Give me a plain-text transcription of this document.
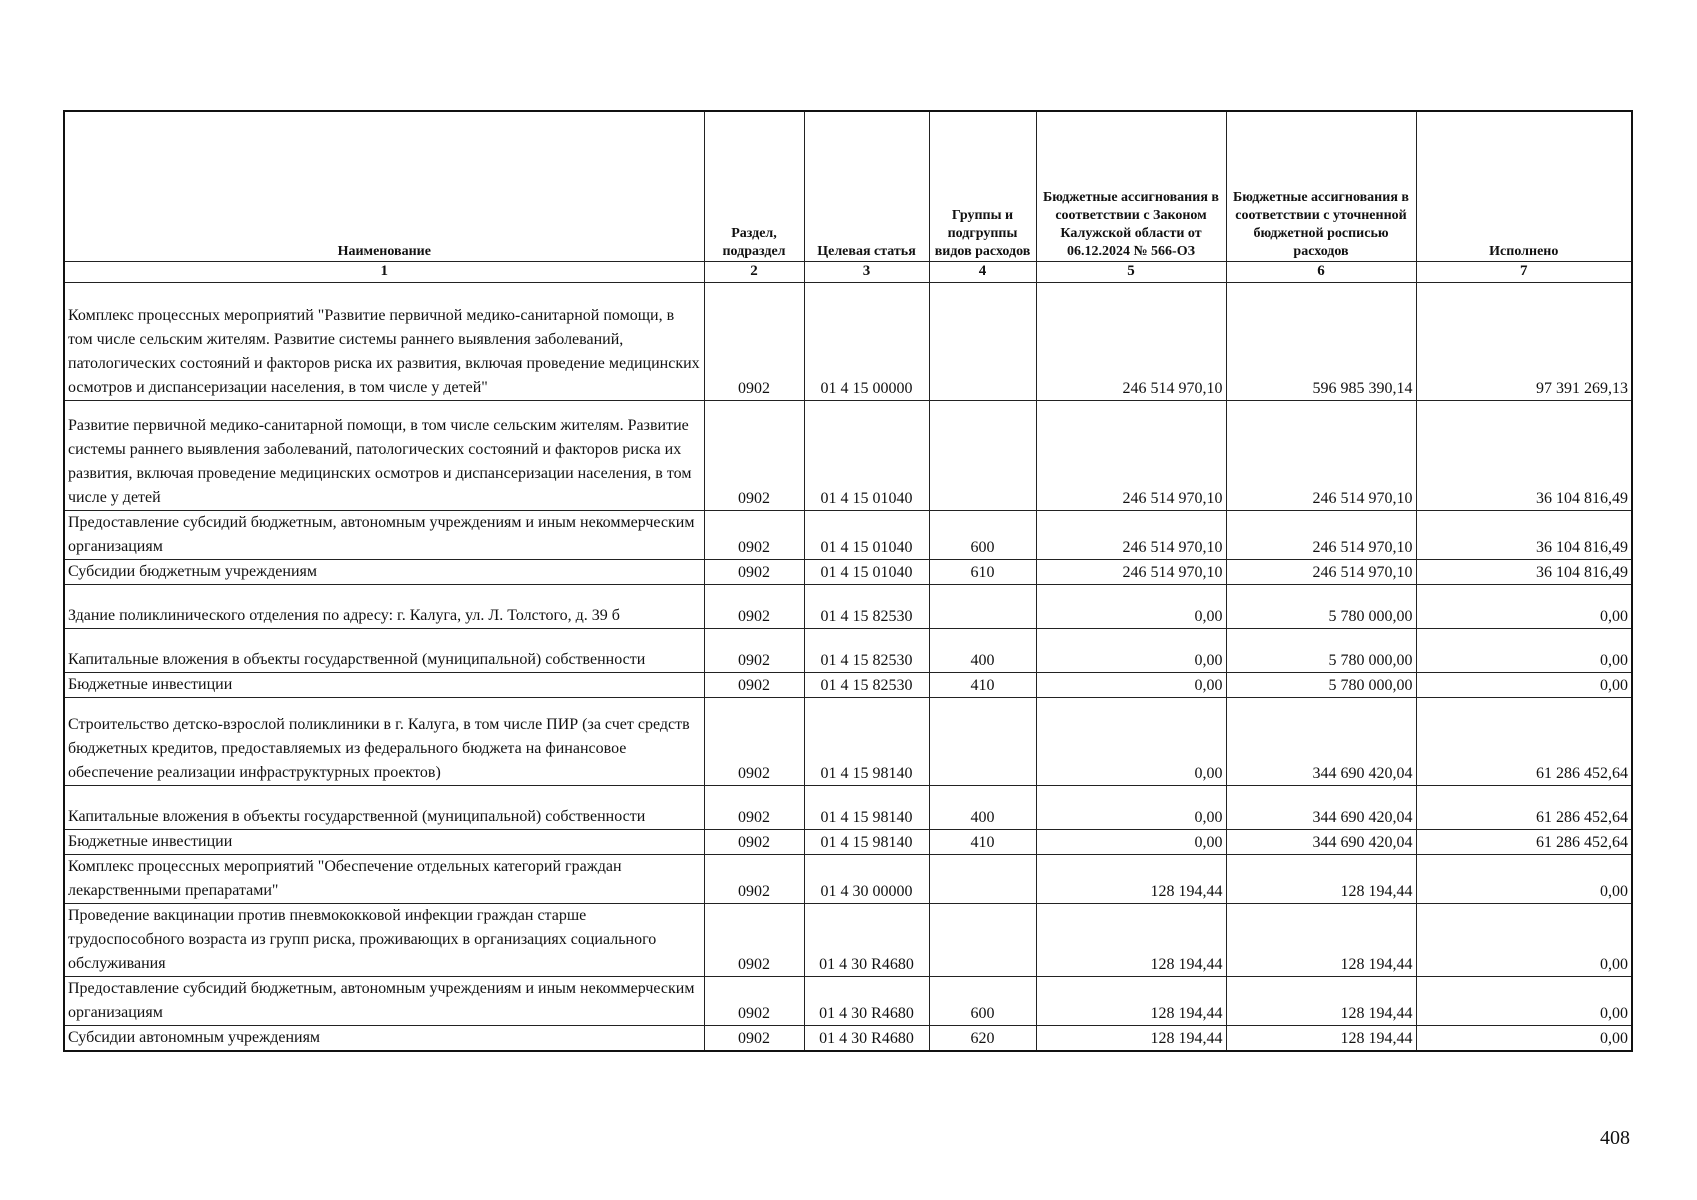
Наименование	Раздел, подраздел	Целевая статья	Группы и подгруппы видов расходов	Бюджетные ассигнования в соответствии с Законом Калужской области от 06.12.2024 № 566-ОЗ	Бюджетные ассигнования в соответствии с уточненной бюджетной росписью расходов	Исполнено
1	2	3	4	5	6	7
Комплекс процессных мероприятий "Развитие первичной медико-санитарной помощи, в том числе сельским жителям. Развитие системы раннего выявления заболеваний, патологических состояний и факторов риска их развития, включая проведение медицинских осмотров и диспансеризации населения, в том числе у детей"	0902	01 4 15 00000		246 514 970,10	596 985 390,14	97 391 269,13
Развитие первичной медико-санитарной помощи, в том числе сельским жителям. Развитие системы раннего выявления заболеваний, патологических состояний и факторов риска их развития, включая проведение медицинских осмотров и диспансеризации населения, в том числе у детей	0902	01 4 15 01040		246 514 970,10	246 514 970,10	36 104 816,49
Предоставление субсидий бюджетным, автономным учреждениям и иным некоммерческим организациям	0902	01 4 15 01040	600	246 514 970,10	246 514 970,10	36 104 816,49
Субсидии бюджетным учреждениям	0902	01 4 15 01040	610	246 514 970,10	246 514 970,10	36 104 816,49
Здание поликлинического отделения по адресу: г. Калуга, ул. Л. Толстого, д. 39 б	0902	01 4 15 82530		0,00	5 780 000,00	0,00
Капитальные вложения в объекты государственной (муниципальной) собственности	0902	01 4 15 82530	400	0,00	5 780 000,00	0,00
Бюджетные инвестиции	0902	01 4 15 82530	410	0,00	5 780 000,00	0,00
Строительство детско-взрослой поликлиники в г. Калуга, в том числе ПИР (за счет средств бюджетных кредитов, предоставляемых из федерального бюджета на финансовое обеспечение реализации инфраструктурных проектов)	0902	01 4 15 98140		0,00	344 690 420,04	61 286 452,64
Капитальные вложения в объекты государственной (муниципальной) собственности	0902	01 4 15 98140	400	0,00	344 690 420,04	61 286 452,64
Бюджетные инвестиции	0902	01 4 15 98140	410	0,00	344 690 420,04	61 286 452,64
Комплекс процессных мероприятий "Обеспечение отдельных категорий граждан лекарственными препаратами"	0902	01 4 30 00000		128 194,44	128 194,44	0,00
Проведение вакцинации против пневмококковой инфекции граждан старше трудоспособного возраста из групп риска, проживающих в организациях социального обслуживания	0902	01 4 30 R4680		128 194,44	128 194,44	0,00
Предоставление субсидий бюджетным, автономным учреждениям и иным некоммерческим организациям	0902	01 4 30 R4680	600	128 194,44	128 194,44	0,00
Субсидии автономным учреждениям	0902	01 4 30 R4680	620	128 194,44	128 194,44	0,00
408
